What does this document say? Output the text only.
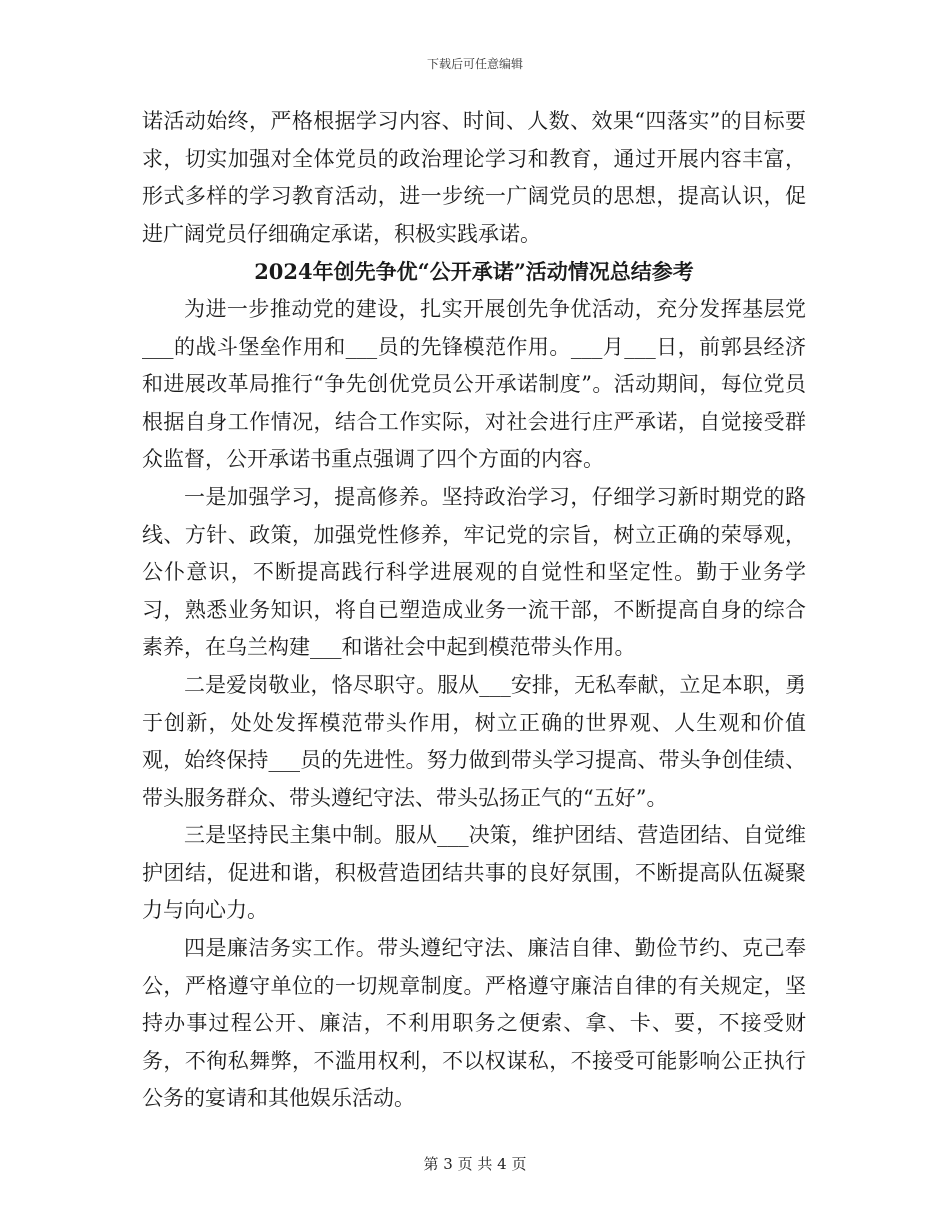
下载后可任意编辑

诺活动始终，严格根据学习内容、时间、人数、效果“四落实”的目标要求，切实加强对全体党员的政治理论学习和教育，通过开展内容丰富，形式多样的学习教育活动，进一步统一广阔党员的思想，提高认识，促进广阔党员仔细确定承诺，积极实践承诺。

2024年创先争优“公开承诺”活动情况总结参考

为进一步推动党的建设，扎实开展创先争优活动，充分发挥基层党___的战斗堡垒作用和___员的先锋模范作用。___月___日，前郭县经济和进展改革局推行“争先创优党员公开承诺制度”。活动期间，每位党员根据自身工作情况，结合工作实际，对社会进行庄严承诺，自觉接受群众监督，公开承诺书重点强调了四个方面的内容。

一是加强学习，提高修养。坚持政治学习，仔细学习新时期党的路线、方针、政策，加强党性修养，牢记党的宗旨，树立正确的荣辱观，公仆意识，不断提高践行科学进展观的自觉性和坚定性。勤于业务学习，熟悉业务知识，将自已塑造成业务一流干部，不断提高自身的综合素养，在乌兰构建___和谐社会中起到模范带头作用。

二是爱岗敬业，恪尽职守。服从___安排，无私奉献，立足本职，勇于创新，处处发挥模范带头作用，树立正确的世界观、人生观和价值观，始终保持___员的先进性。努力做到带头学习提高、带头争创佳绩、带头服务群众、带头遵纪守法、带头弘扬正气的“五好”。

三是坚持民主集中制。服从___决策，维护团结、营造团结、自觉维护团结，促进和谐，积极营造团结共事的良好氛围，不断提高队伍凝聚力与向心力。

四是廉洁务实工作。带头遵纪守法、廉洁自律、勤俭节约、克己奉公，严格遵守单位的一切规章制度。严格遵守廉洁自律的有关规定，坚持办事过程公开、廉洁，不利用职务之便索、拿、卡、要，不接受财务，不徇私舞弊，不滥用权利，不以权谋私，不接受可能影响公正执行公务的宴请和其他娱乐活动。

第 3 页 共 4 页
